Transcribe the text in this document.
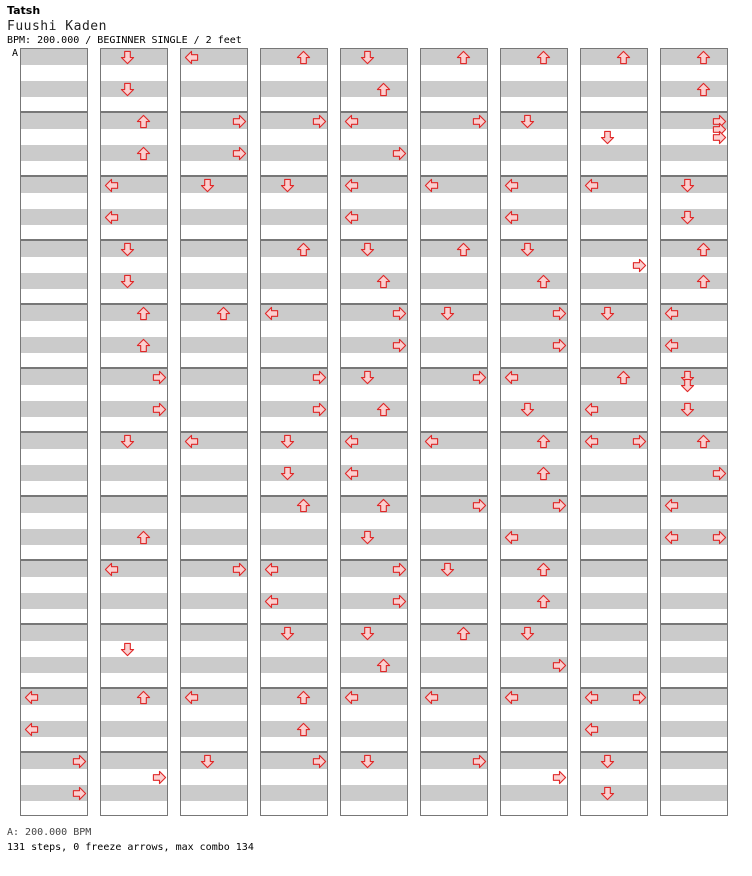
Tatsh
Fuushi Kaden
BPM: 200.000 / BEGINNER SINGLE / 2 feet
A
A: 200.000 BPM
131 steps, 0 freeze arrows, max combo 134
